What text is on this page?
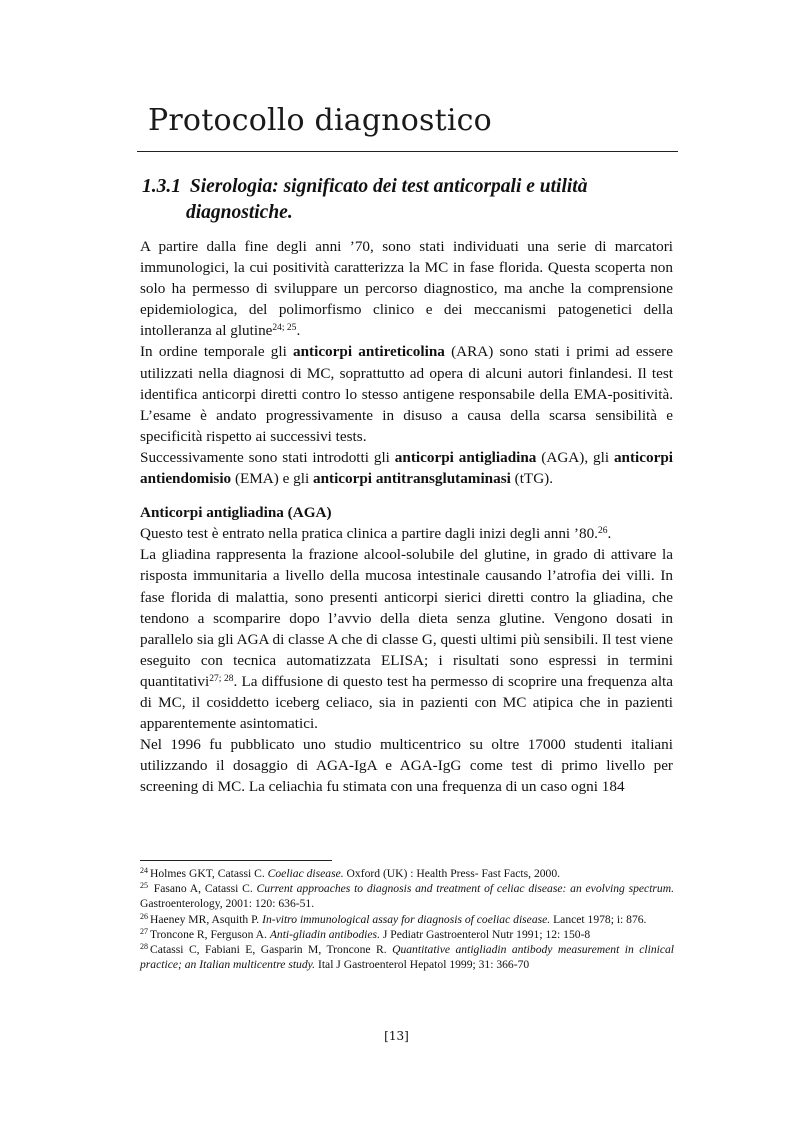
Protocollo diagnostico
1.3.1 Sierologia: significato dei test anticorpali e utilità
diagnostiche.

A partire dalla fine degli anni ’70, sono stati individuati una serie di marcatori immunologici, la cui positività caratterizza la MC in fase florida. Questa scoperta non solo ha permesso di sviluppare un percorso diagnostico, ma anche la comprensione epidemiologica, del polimorfismo clinico e dei meccanismi patogenetici della intolleranza al glutine$^{24; 25}$.

In ordine temporale gli anticorpi antireticolina (ARA) sono stati i primi ad essere utilizzati nella diagnosi di MC, soprattutto ad opera di alcuni autori finlandesi. Il test identifica anticorpi diretti contro lo stesso antigene responsabile della EMA-positività. L’esame è andato progressivamente in disuso a causa della scarsa sensibilità e specificità rispetto ai successivi tests.

Successivamente sono stati introdotti gli anticorpi antigliadina (AGA), gli anticorpi antiendomisio (EMA) e gli anticorpi antitransglutaminasi (tTG).

Anticorpi antigliadina (AGA)

Questo test è entrato nella pratica clinica a partire dagli inizi degli anni ’80.26.

La gliadina rappresenta la frazione alcool-solubile del glutine, in grado di attivare la risposta immunitaria a livello della mucosa intestinale causando l’atrofia dei villi. In fase florida di malattia, sono presenti anticorpi sierici diretti contro la gliadina, che tendono a scomparire dopo l’avvio della dieta senza glutine. Vengono dosati in parallelo sia gli AGA di classe A che di classe G, questi ultimi più sensibili. Il test viene eseguito con tecnica automatizzata ELISA; i risultati sono espressi in termini quantitativi$^{27; 28}$. La diffusione di questo test ha permesso di scoprire una frequenza alta di MC, il cosiddetto iceberg celiaco, sia in pazienti con MC atipica che in pazienti apparentemente asintomatici.

Nel 1996 fu pubblicato uno studio multicentrico su oltre 17000 studenti italiani utilizzando il dosaggio di AGA-IgA e AGA-IgG come test di primo livello per screening di MC. La celiachia fu stimata con una frequenza di un caso ogni 184

$^{24}$ Holmes GKT, Catassi C. Coeliac disease. Oxford (UK) : Health Press- Fast Facts, 2000.

$^{25}$ Fasano A, Catassi C. Current approaches to diagnosis and treatment of celiac disease: an evolving spectrum. Gastroenterology, 2001: 120: 636-51.

$^{26}$ Haeney MR, Asquith P. In-vitro immunological assay for diagnosis of coeliac disease. Lancet 1978; i: 876.

$^{27}$ Troncone R, Ferguson A. Anti-gliadin antibodies. J Pediatr Gastroenterol Nutr 1991; 12: 150-8

$^{28}$ Catassi C, Fabiani E, Gasparin M, Troncone R. Quantitative antigliadin antibody measurement in clinical practice; an Italian multicentre study. Ital J Gastroenterol Hepatol 1999; 31: 366-70

[13]
